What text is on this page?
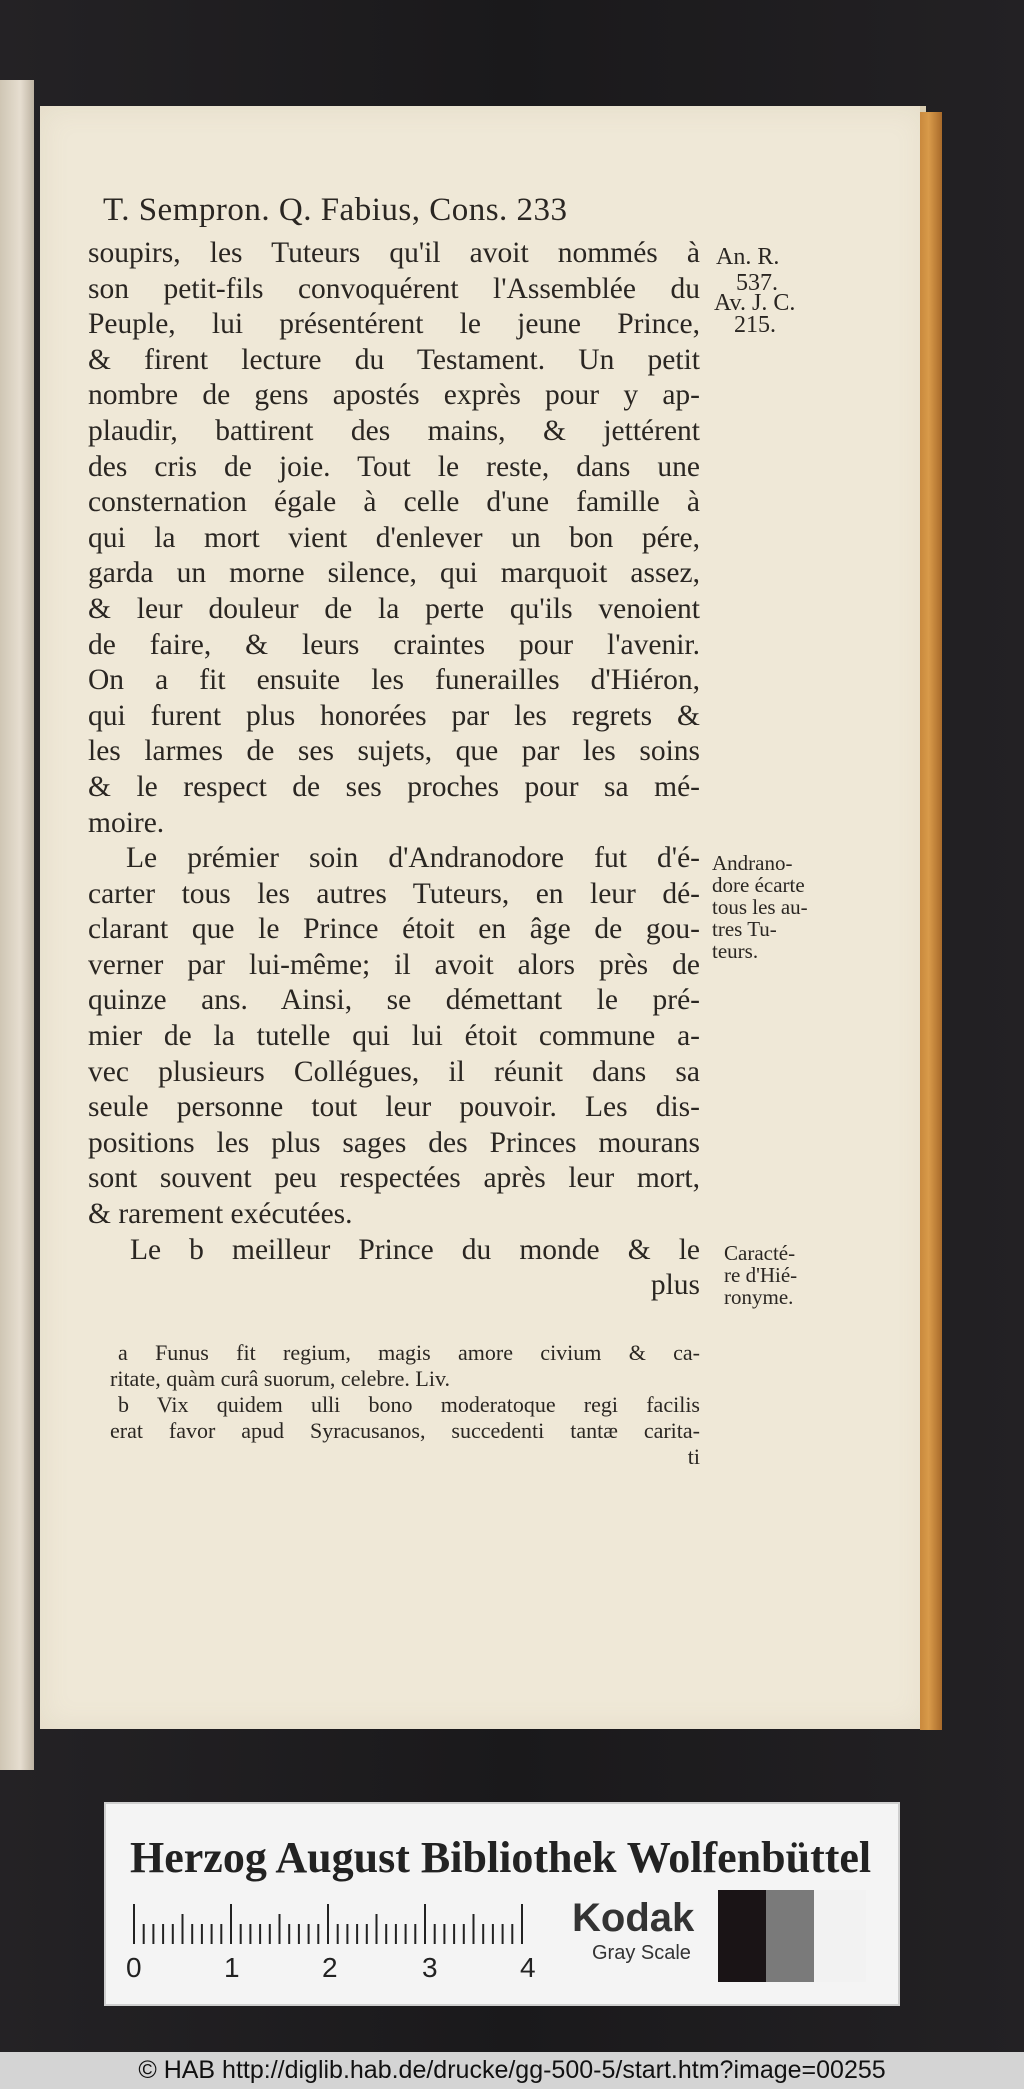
T. Sempron. Q. Fabius, Cons. 233
soupirs, les Tuteurs qu'il avoit nommés à
son petit-fils convoquérent l'Assemblée du
Peuple, lui présentérent le jeune Prince,
& firent lecture du Testament. Un petit
nombre de gens apostés exprès pour y ap-
plaudir, battirent des mains, & jettérent
des cris de joie. Tout le reste, dans une
consternation égale à celle d'une famille à
qui la mort vient d'enlever un bon pére,
garda un morne silence, qui marquoit assez,
& leur douleur de la perte qu'ils venoient
de faire, & leurs craintes pour l'avenir.
On a fit ensuite les funerailles d'Hiéron,
qui furent plus honorées par les regrets &
les larmes de ses sujets, que par les soins
& le respect de ses proches pour sa mé-
moire.
Le prémier soin d'Andranodore fut d'é-
carter tous les autres Tuteurs, en leur dé-
clarant que le Prince étoit en âge de gou-
verner par lui-même; il avoit alors près de
quinze ans. Ainsi, se démettant le pré-
mier de la tutelle qui lui étoit commune a-
vec plusieurs Collégues, il réunit dans sa
seule personne tout leur pouvoir. Les dis-
positions les plus sages des Princes mourans
sont souvent peu respectées après leur mort,
& rarement exécutées.
Le b meilleur Prince du monde & le
plus
An. R.
537.
Av. J. C.
215.
Andrano-
dore écarte
tous les au-
tres Tu-
teurs.
Caracté-
re d'Hié-
ronyme.
a Funus fit regium, magis amore civium & ca-
ritate, quàm curâ suorum, celebre. Liv.
b Vix quidem ulli bono moderatoque regi facilis
erat favor apud Syracusanos, succedenti tantæ carita-
ti
Herzog August Bibliothek Wolfenbüttel
0	1	2	3	4
Kodak
Gray Scale
© HAB http://diglib.hab.de/drucke/gg-500-5/start.htm?image=00255
